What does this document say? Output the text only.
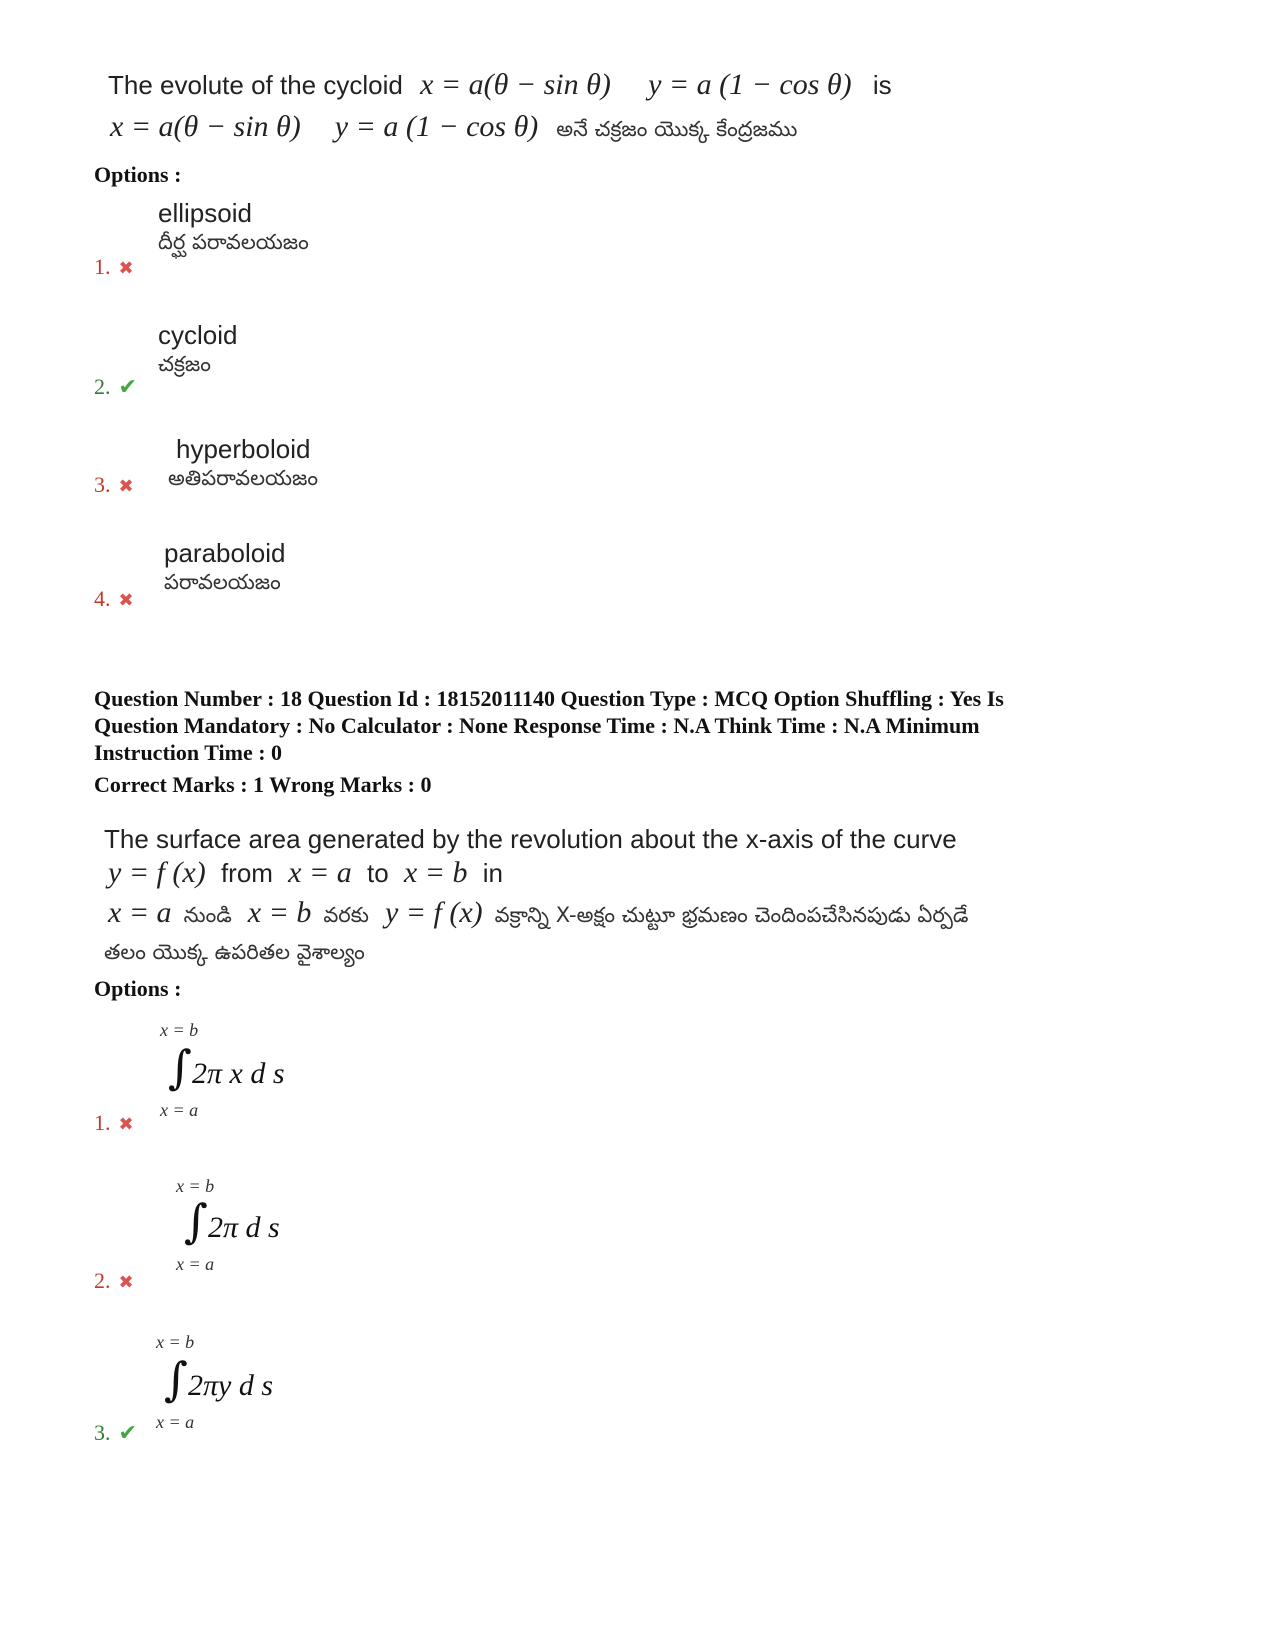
The evolute of the cycloid x = a(θ − sin θ) y = a (1 − cos θ) is
x = a(θ − sin θ) y = a (1 − cos θ) అనే చక్రజం యొక్క కేంద్రజము
Options :
ellipsoid
దీర్ఘ పరావలయజం
1. ✖
cycloid
చక్రజం
2. ✔
hyperboloid
అతిపరావలయజం
3. ✖
paraboloid
పరావలయజం
4. ✖
Question Number : 18 Question Id : 18152011140 Question Type : MCQ Option Shuffling : Yes Is
Question Mandatory : No Calculator : None Response Time : N.A Think Time : N.A Minimum
Instruction Time : 0
Correct Marks : 1 Wrong Marks : 0
The surface area generated by the revolution about the x-axis of the curve
y = f (x) from x = a to x = b in
x = a నుండి x = b వరకు y = f (x) వక్రాన్ని X-అక్షం చుట్టూ భ్రమణం చెందింపచేసినపుడు ఏర్పడే
తలం యొక్క ఉపరితల వైశాల్యం
Options :
x = b
∫2π x d s
x = a
1. ✖
x = b
∫2π d s
x = a
2. ✖
x = b
∫2πy d s
x = a
3. ✔
